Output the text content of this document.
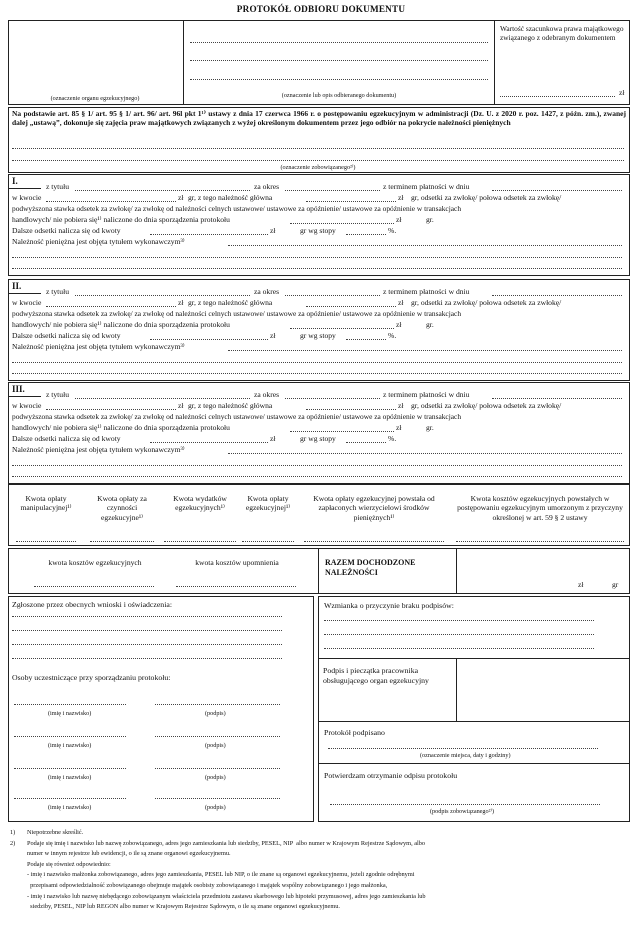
PROTOKÓŁ ODBIORU DOKUMENTU
(oznaczenie organu egzekucyjnego)	(oznaczenie lub opis odbieranego dokumentu)
Wartość szacunkowa prawa majątkowego związanego z odebranym dokumentem
zł
Na podstawie art. 85 § 1/ art. 95 § 1/ art. 96/ art. 96l pkt 1¹⁾ ustawy z dnia 17 czerwca 1966 r. o postępowaniu egzekucyjnym w administracji (Dz. U. z 2020 r. poz. 1427, z późn. zm.), zwanej dalej „ustawą”, dokonuje się zajęcia praw majątkowych związanych z wyżej określonym dokumentem przez jego odbiór na pokrycie należności pieniężnych
(oznaczenie zobowiązanego²⁾)
I.
z tytułu	za okres	z terminem płatności w dniu
w kwocie	zł gr, z tego należność główna	zł gr, odsetki za zwłokę/ połowa odsetek za zwłokę/
podwyższona stawka odsetek za zwłokę/ za zwłokę od należności celnych ustawowe/ ustawowe za opóźnienie/ ustawowe za opóźnienie w transakcjach
handlowych/ nie pobiera się¹⁾ naliczone do dnia sporządzenia protokołu	zł	gr.
Dalsze odsetki nalicza się od kwoty	zł	gr wg stopy	%.
Należność pieniężna jest objęta tytułem wykonawczym³⁾
II.
z tytułu	za okres	z terminem płatności w dniu
w kwocie	zł gr, z tego należność główna	zł gr, odsetki za zwłokę/ połowa odsetek za zwłokę/
podwyższona stawka odsetek za zwłokę/ za zwłokę od należności celnych ustawowe/ ustawowe za opóźnienie/ ustawowe za opóźnienie w transakcjach
handlowych/ nie pobiera się¹⁾ naliczone do dnia sporządzenia protokołu	zł	gr.
Dalsze odsetki nalicza się od kwoty	zł	gr wg stopy	%.
Należność pieniężna jest objęta tytułem wykonawczym³⁾
III.
z tytułu	za okres	z terminem płatności w dniu
w kwocie	zł gr, z tego należność główna	zł gr, odsetki za zwłokę/ połowa odsetek za zwłokę/
podwyższona stawka odsetek za zwłokę/ za zwłokę od należności celnych ustawowe/ ustawowe za opóźnienie/ ustawowe za opóźnienie w transakcjach
handlowych/ nie pobiera się¹⁾ naliczone do dnia sporządzenia protokołu	zł	gr.
Dalsze odsetki nalicza się od kwoty	zł	gr wg stopy	%.
Należność pieniężna jest objęta tytułem wykonawczym³⁾
Kwota opłaty manipulacyjnej¹⁾
Kwota opłaty za czynności egzekucyjne¹⁾
Kwota wydatków egzekucyjnych¹⁾
Kwota opłaty egzekucyjnej¹⁾
Kwota opłaty egzekucyjnej powstała od zapłaconych wierzycielowi środków pieniężnych¹⁾
Kwota kosztów egzekucyjnych powstałych w postępowaniu egzekucyjnym umorzonym z przyczyny określonej w art. 59 § 2 ustawy
kwota kosztów egzekucyjnych	kwota kosztów upomnienia	RAZEM DOCHODZONE NALEŻNOŚCI
zł	gr
Zgłoszone przez obecnych wnioski i oświadczenia:
Osoby uczestniczące przy sporządzaniu protokołu:
(imię i nazwisko)	(podpis)
(imię i nazwisko)	(podpis)
(imię i nazwisko)	(podpis)
(imię i nazwisko)	(podpis)
Wzmianka o przyczynie braku podpisów:
Podpis i pieczątka pracownika obsługującego organ egzekucyjny
Protokół podpisano
(oznaczenie miejsca, daty i godziny)
Potwierdzam otrzymanie odpisu protokołu
(podpis zobowiązanego²⁾)
1) Niepotrzebne skreślić.
2) Podaje się imię i nazwisko lub nazwę zobowiązanego, adres jego zamieszkania lub siedziby, PESEL, NIP  albo numer w Krajowym Rejestrze Sądowym, albo
numer w innym rejestrze lub ewidencji, o ile są znane organowi egzekucyjnemu.
Podaje się również odpowiednio:
- imię i nazwisko małżonka zobowiązanego, adres jego zamieszkania, PESEL lub NIP, o ile znane są organowi egzekucyjnemu, jeżeli zgodnie odrębnymi
przepisami odpowiedzialność zobowiązanego obejmuje majątek osobisty zobowiązanego i majątek wspólny zobowiązanego i jego małżonka,
- imię i nazwisko lub nazwę niebędącego zobowiązanym właściciela przedmiotu zastawu skarbowego lub hipoteki przymusowej, adres jego zamieszkania lub
siedziby, PESEL, NIP lub REGON albo numer w Krajowym Rejestrze Sądowym, o ile są znane organowi egzekucyjnemu.
